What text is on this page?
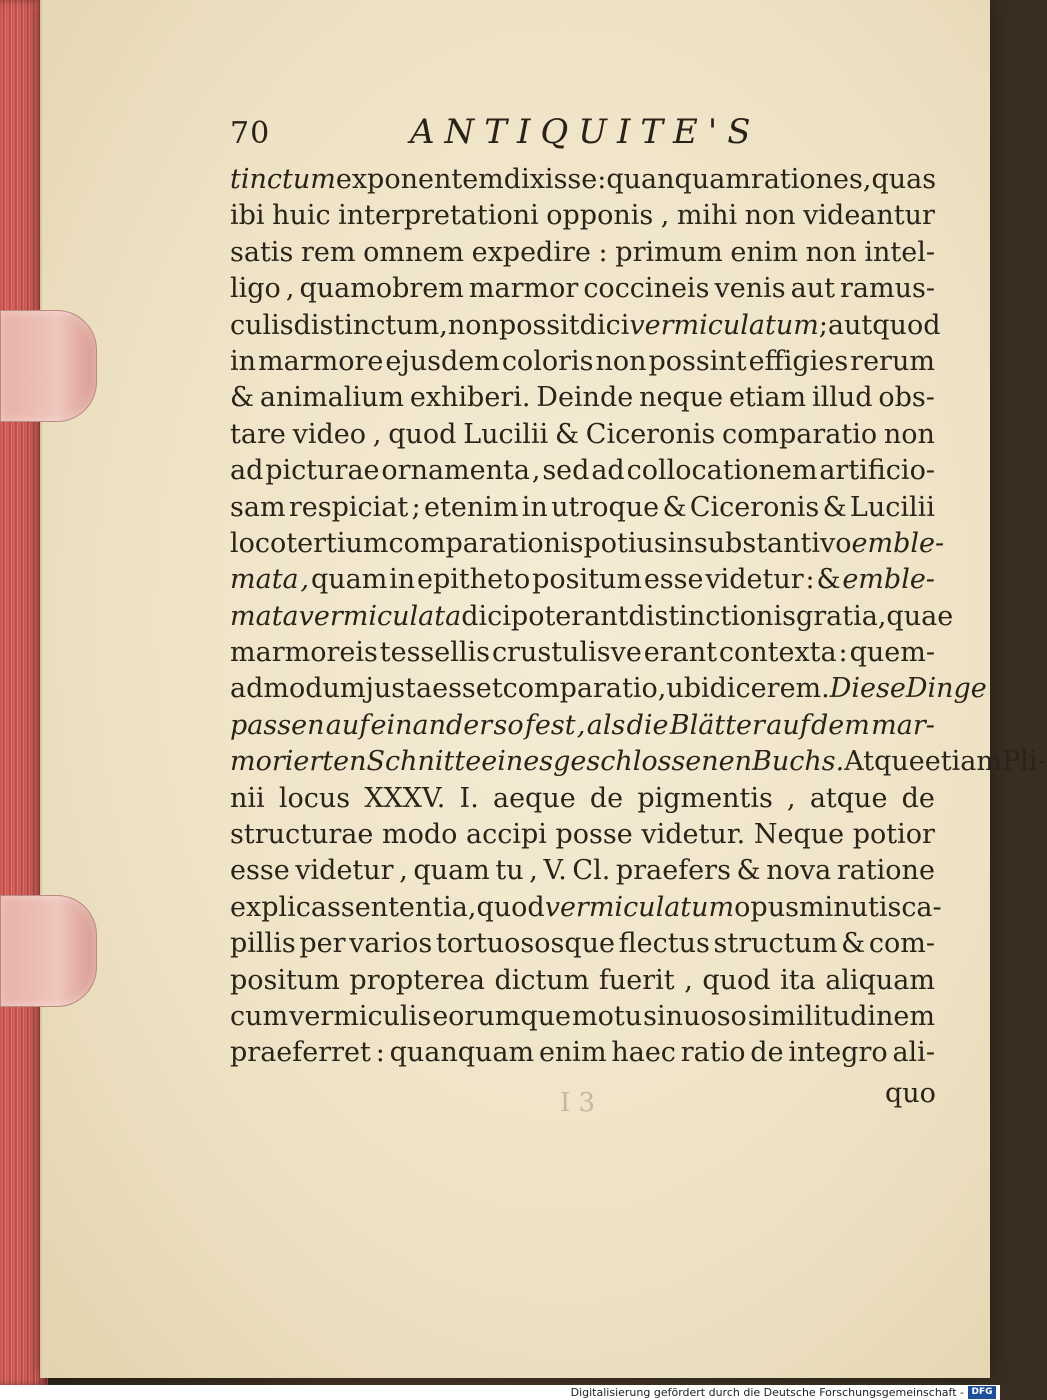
70	ANTIQUITE'S
tinctum exponentem dixisse : quanquam rationes , quas
ibi huic interpretationi opponis , mihi non videantur
satis rem omnem expedire : primum enim non intel-
ligo , quamobrem marmor coccineis venis aut ramus-
culis distinctum , non possit dici vermiculatum ; aut quod
in marmore ejusdem coloris non possint effigies rerum
& animalium exhiberi. Deinde neque etiam illud obs-
tare video , quod Lucilii & Ciceronis comparatio non
ad picturae ornamenta , sed ad collocationem artificio-
sam respiciat ; etenim in utroque & Ciceronis & Lucilii
loco tertium comparationis potius in substantivo emble-
mata , quam in epitheto positum esse videtur : & emble-
mata vermiculata dici poterant distinctionis gratia , quae
marmoreis tessellis crustulisve erant contexta : quem-
admodum justa esset comparatio , ubi dicerem. Diese Dinge
passen auf einander so fest , als die Blätter auf dem mar-
morierten Schnitte eines geschlossenen Buchs. Atque etiam Pli-
nii locus XXXV. I. aeque de pigmentis , atque de
structurae modo accipi posse videtur. Neque potior
esse videtur , quam tu , V. Cl. praefers & nova ratione
explicas sententia , quod vermiculatum opus minutis ca-
pillis per varios tortuososque flectus structum & com-
positum propterea dictum fuerit , quod ita aliquam
cum vermiculis eorumque motu sinuoso similitudinem
praeferret : quanquam enim haec ratio de integro ali-
I 3	quo
Digitalisierung gefördert durch die Deutsche Forschungsgemeinschaft - DFG
